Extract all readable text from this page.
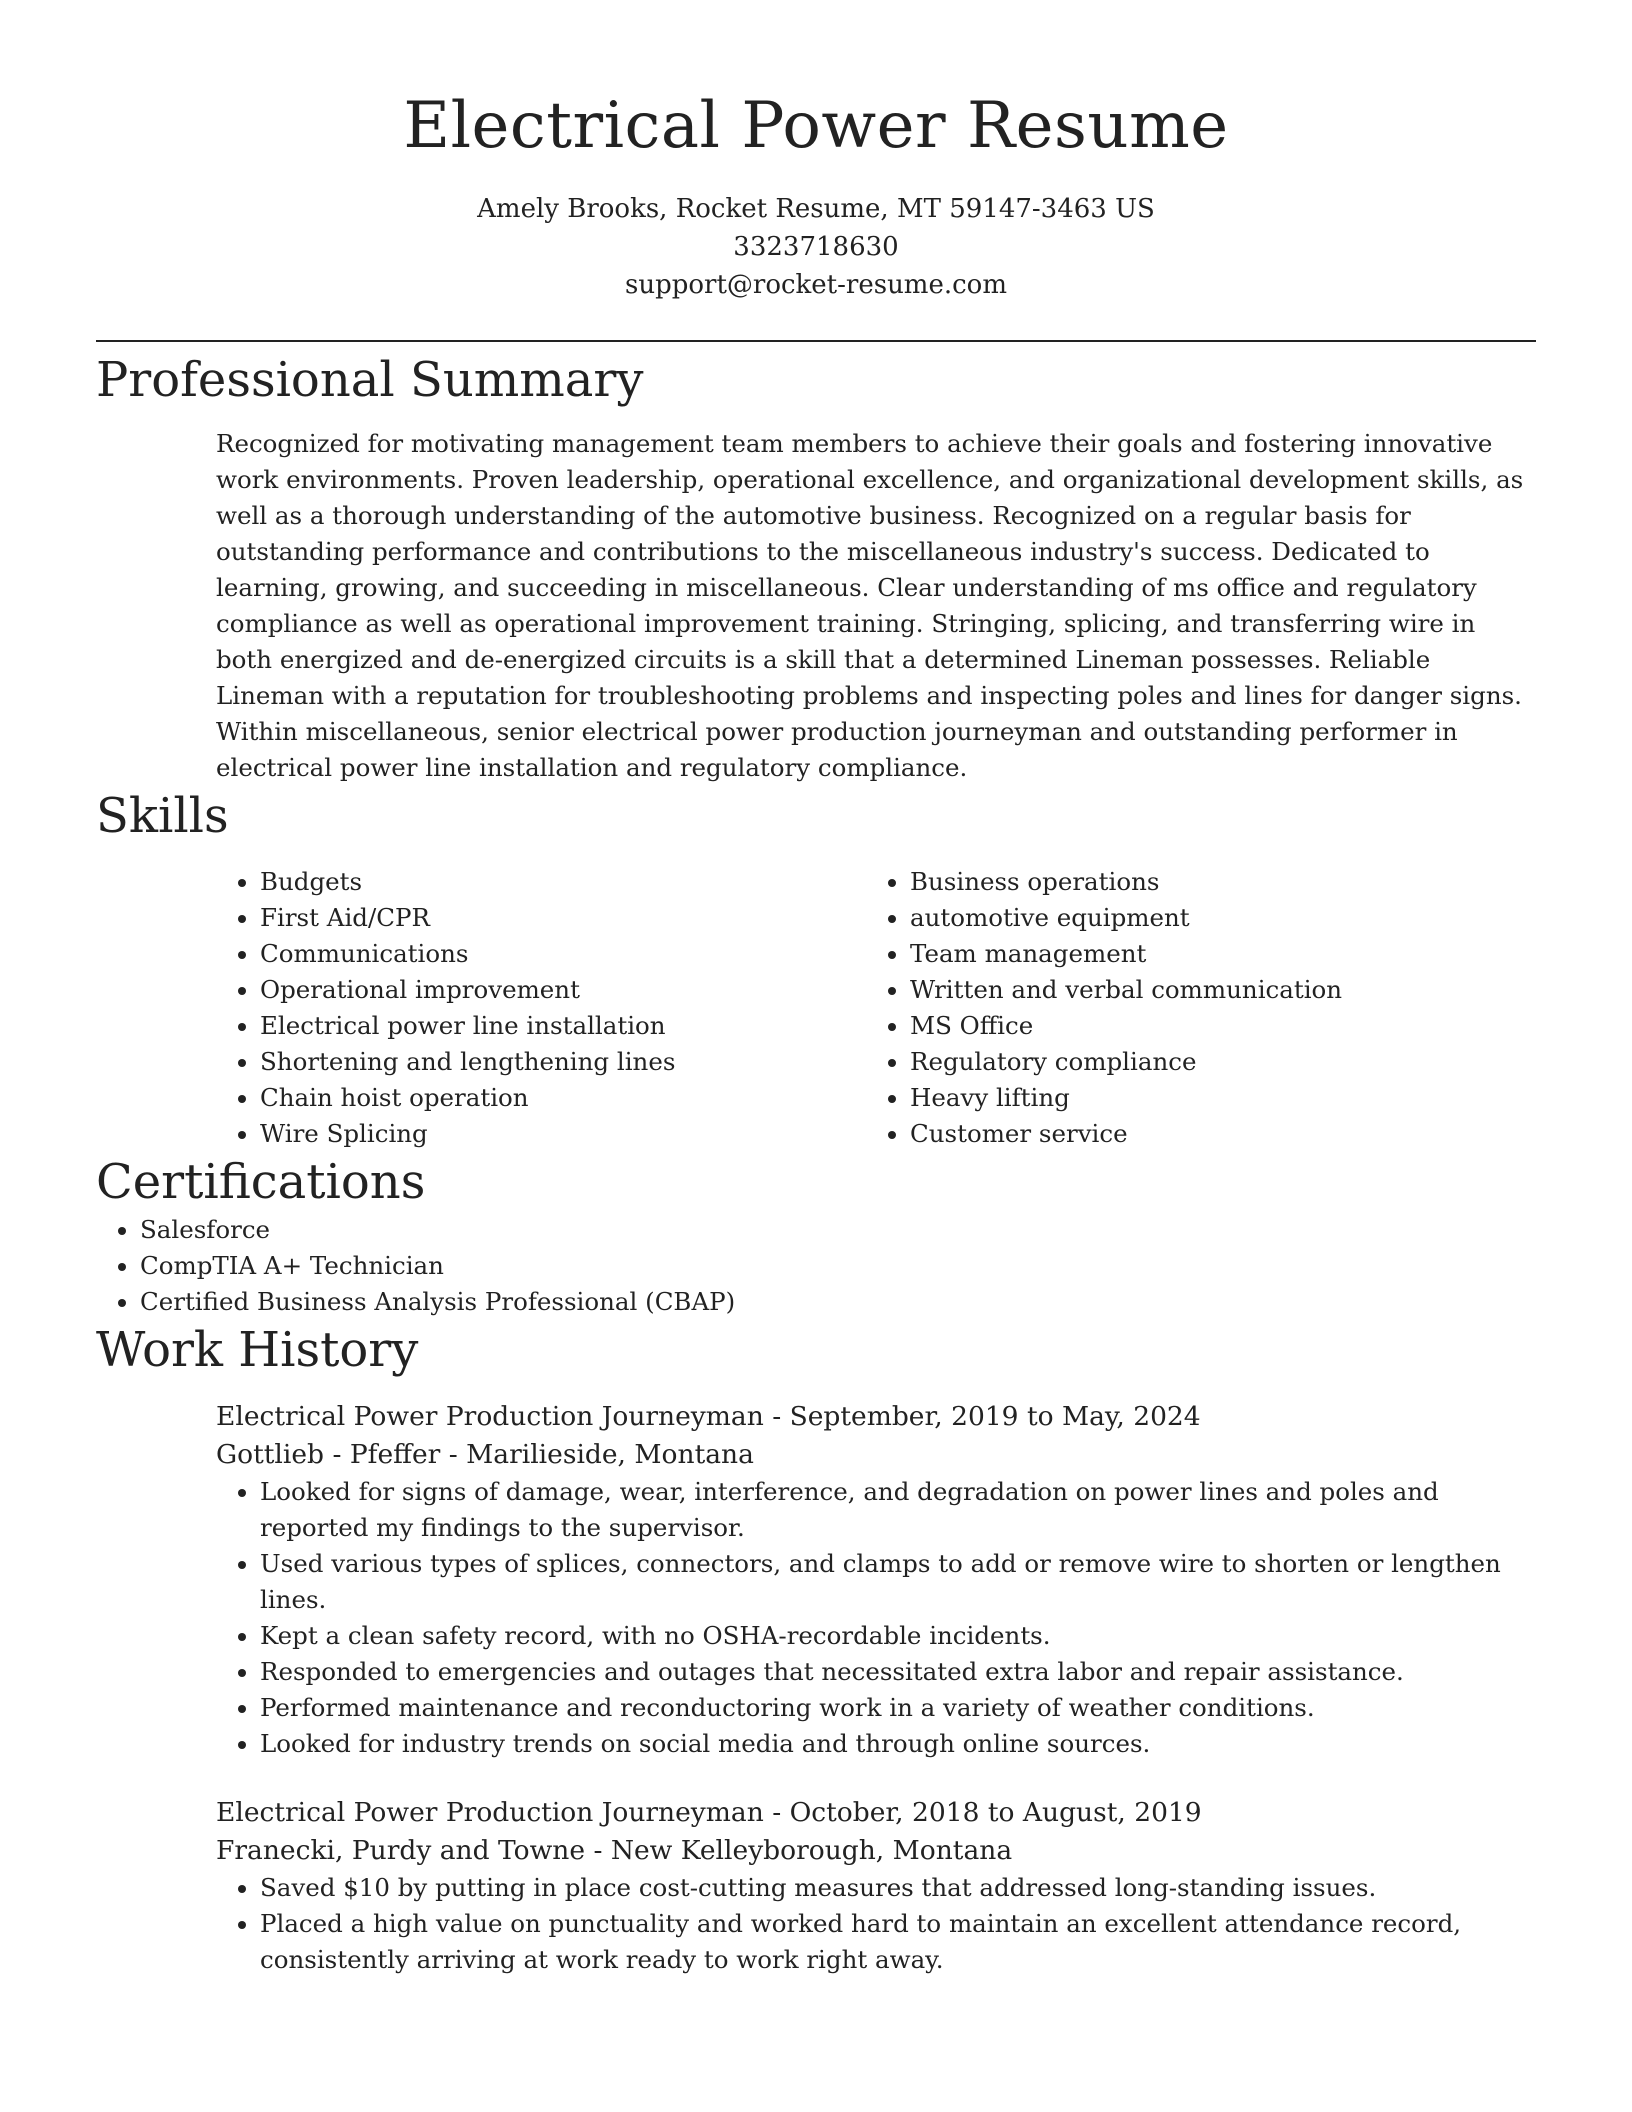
Electrical Power Resume
Amely Brooks, Rocket Resume, MT 59147-3463 US
3323718630
support@rocket-resume.com
Professional Summary

Recognized for motivating management team members to achieve their goals and fostering innovative work environments. Proven leadership, operational excellence, and organizational development skills, as well as a thorough understanding of the automotive business. Recognized on a regular basis for outstanding performance and contributions to the miscellaneous industry's success. Dedicated to learning, growing, and succeeding in miscellaneous. Clear understanding of ms office and regulatory compliance as well as operational improvement training. Stringing, splicing, and transferring wire in both energized and de-energized circuits is a skill that a determined Lineman possesses. Reliable Lineman with a reputation for troubleshooting problems and inspecting poles and lines for danger signs. Within miscellaneous, senior electrical power production journeyman and outstanding performer in electrical power line installation and regulatory compliance.

Skills
• Budgets
• First Aid/CPR
• Communications
• Operational improvement
• Electrical power line installation
• Shortening and lengthening lines
• Chain hoist operation
• Wire Splicing
• Business operations
• automotive equipment
• Team management
• Written and verbal communication
• MS Office
• Regulatory compliance
• Heavy lifting
• Customer service
Certifications
• Salesforce
• CompTIA A+ Technician
• Certified Business Analysis Professional (CBAP)
Work History
Electrical Power Production Journeyman - September, 2019 to May, 2024
Gottlieb - Pfeffer - Marilieside, Montana
• Looked for signs of damage, wear, interference, and degradation on power lines and poles and reported my findings to the supervisor.
• Used various types of splices, connectors, and clamps to add or remove wire to shorten or lengthen lines.
• Kept a clean safety record, with no OSHA-recordable incidents.
• Responded to emergencies and outages that necessitated extra labor and repair assistance.
• Performed maintenance and reconductoring work in a variety of weather conditions.
• Looked for industry trends on social media and through online sources.
Electrical Power Production Journeyman - October, 2018 to August, 2019
Franecki, Purdy and Towne - New Kelleyborough, Montana
• Saved $10 by putting in place cost-cutting measures that addressed long-standing issues.
• Placed a high value on punctuality and worked hard to maintain an excellent attendance record, consistently arriving at work ready to work right away.
